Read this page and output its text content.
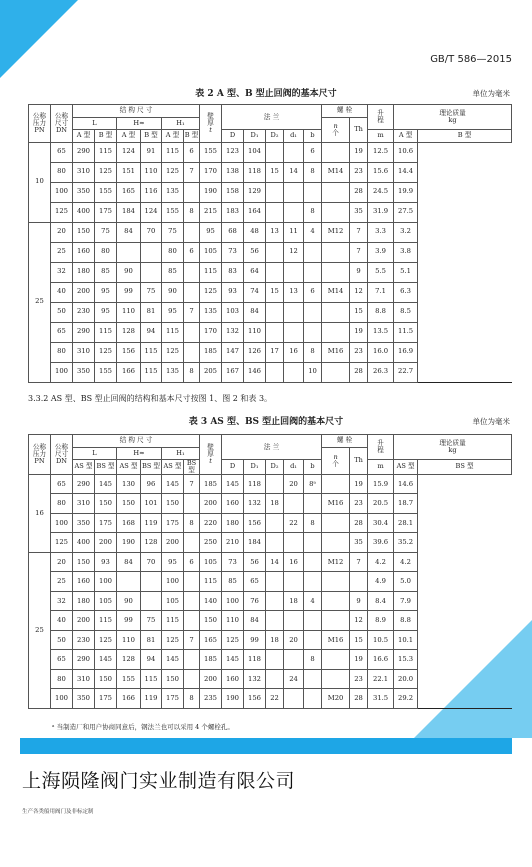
GB/T 586—2015
表 2 A 型、B 型止回阀的基本尺寸	单位为毫米
公称
压力
PN	公称
尺寸
DN	结 构 尺 寸						壁
厚
t	法 兰					螺 栓		升
程	理论质量
kg	
		L		H≈		H₁								n
个	Th			
		A 型	B 型	A 型	B 型	A 型	B 型		D	D₁	D₂	d₁	b			m	A 型	B 型
10	65	290	115	124	91	115	6	155	123	104			6		19	12.5	10.6	
	80	310	125	151	110	125	7	170	138	118	15	14	8	M14	23	15.6	14.4	
	100	350	155	165	116	135		190	158	129					28	24.5	19.9	
	125	400	175	184	124	155	8	215	183	164			8		35	31.9	27.5	
25	20	150	75	84	70	75		95	68	48	13	11	4	M12	7	3.3	3.2	
	25	160	80			80	6	105	73	56		12			7	3.9	3.8	
	32	180	85	90		85		115	83	64					9	5.5	5.1	
	40	200	95	99	75	90		125	93	74	15	13	6	M14	12	7.1	6.3	
	50	230	95	110	81	95	7	135	103	84					15	8.8	8.5	
	65	290	115	128	94	115		170	132	110					19	13.5	11.5	
	80	310	125	156	115	125		185	147	126	17	16	8	M16	23	16.0	16.9	
	100	350	155	166	115	135	8	205	167	146			10		28	26.3	22.7	
3.3.2 AS 型、BS 型止回阀的结构和基本尺寸按图 1、图 2 和表 3。
表 3 AS 型、BS 型止回阀的基本尺寸	单位为毫米
公称
压力
PN	公称
尺寸
DN	结 构 尺 寸						壁
厚
t	法 兰					螺 栓		升
程	理论质量
kg	
		L		H≈		H₁								n
个	Th			
		AS 型	BS 型	AS 型	BS 型	AS 型	BS 型		D	D₁	D₂	d₁	b			m	AS 型	BS 型
16	65	290	145	130	96	145	7	185	145	118		20	8ᵃ		19	15.9	14.6	
	80	310	150	150	101	150		200	160	132	18			M16	23	20.5	18.7	
	100	350	175	168	119	175	8	220	180	156		22	8		28	30.4	28.1	
	125	400	200	190	128	200		250	210	184					35	39.6	35.2	
25	20	150	93	84	70	95	6	105	73	56	14	16		M12	7	4.2	4.2	
	25	160	100			100		115	85	65						4.9	5.0	
	32	180	105	90		105		140	100	76		18	4		9	8.4	7.9	
	40	200	115	99	75	115		150	110	84					12	8.9	8.8	
	50	230	125	110	81	125	7	165	125	99	18	20		M16	15	10.5	10.1	
	65	290	145	128	94	145		185	145	118			8		19	16.6	15.3	
	80	310	150	155	115	150		200	160	132		24			23	22.1	20.0	
	100	350	175	166	119	175	8	235	190	156	22			M20	28	31.5	29.2	
ᵃ 当制造厂和用户协商同意后，钢法兰也可以采用 4 个螺栓孔。
上海陨隆阀门实业制造有限公司
生产各类船用阀门及非标定制
